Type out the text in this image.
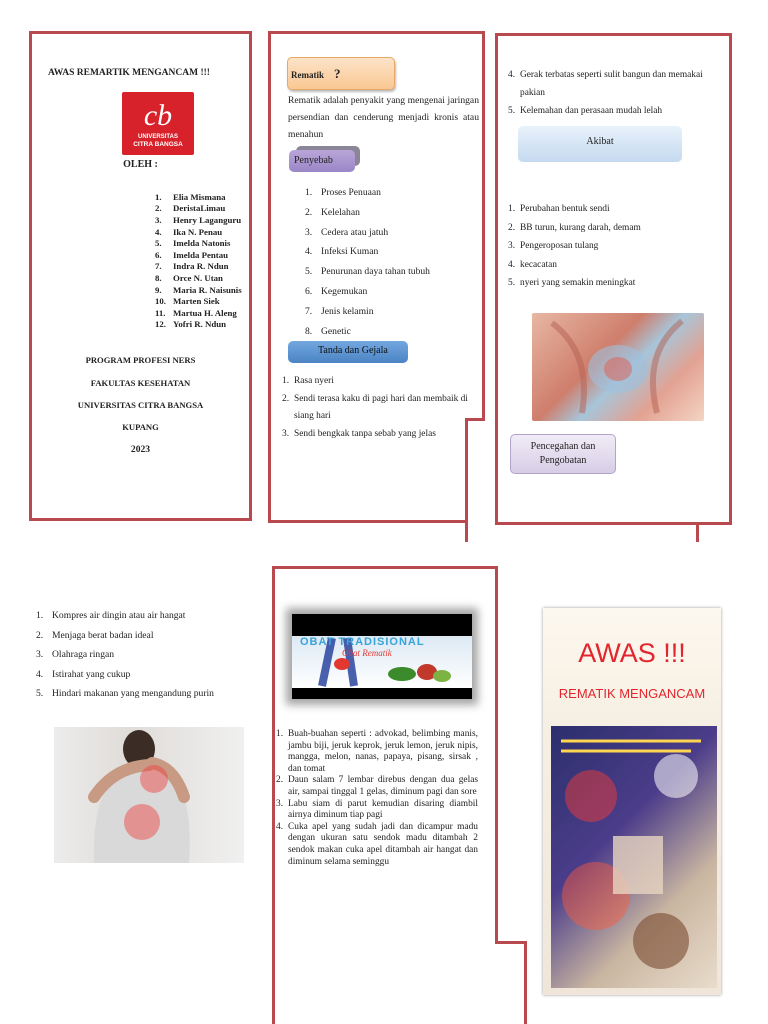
AWAS REMARTIK MENGANCAM !!!
cb
UNIVERSITAS
CITRA BANGSA
OLEH :
1. Elia Mismana
2. DeristaLimau
3. Henry Laganguru
4. Ika N. Penau
5. Imelda Natonis
6. Imelda Pentau
7. Indra R. Ndun
8. Orce N. Utan
9. Maria R. Naisunis
10. Marten Siek
11. Martua H. Aleng
12. Yofri R. Ndun
PROGRAM PROFESI NERS
FAKULTAS KESEHATAN
UNIVERSITAS CITRA BANGSA
KUPANG
2023
Rematik ?
Rematik adalah penyakit yang mengenai jaringan persendian dan cenderung menjadi kronis atau menahun
Penyebab
1. Proses Penuaan
2. Kelelahan
3. Cedera atau jatuh
4. Infeksi Kuman
5. Penurunan daya tahan tubuh
6. Kegemukan
7. Jenis kelamin
8. Genetic
Tanda dan Gejala
1. Rasa nyeri
2. Sendi terasa kaku di pagi hari dan membaik di siang hari
3. Sendi bengkak tanpa sebab yang jelas
4. Gerak terbatas seperti sulit bangun dan memakai pakian
5. Kelemahan dan perasaan mudah lelah
Akibat
1. Perubahan bentuk sendi
2. BB turun, kurang darah, demam
3. Pengeroposan tulang
4. kecacatan
5. nyeri yang semakin meningkat
Pencegahan dan Pengobatan
1. Kompres air dingin atau air hangat
2. Menjaga berat badan ideal
3. Olahraga ringan
4. Istirahat yang cukup
5. Hindari makanan yang mengandung purin
OBAT TRADISIONAL
Obat Rematik
1. Buah-buahan seperti : advokad, belimbing manis, jambu biji, jeruk keprok, jeruk lemon, jeruk nipis, mangga, melon, nanas, papaya, pisang, sirsak , dan tomat
2. Daun salam 7 lembar direbus dengan dua gelas air, sampai tinggal 1 gelas, diminum pagi dan sore
3. Labu siam di parut kemudian disaring diambil airnya diminum tiap pagi
4. Cuka apel yang sudah jadi dan dicampur madu dengan ukuran satu sendok madu ditambah 2 sendok makan cuka apel ditambah air hangat dan diminum selama seminggu
AWAS !!!
REMATIK MENGANCAM
